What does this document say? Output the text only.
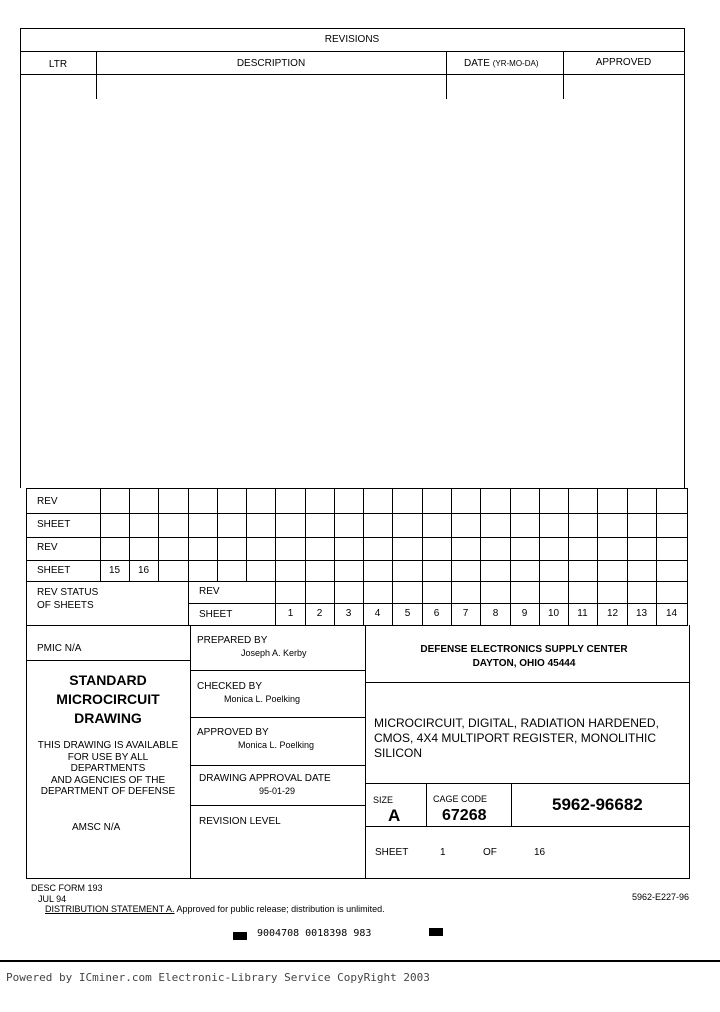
REVISIONS
LTR	DESCRIPTION	DATE (YR-MO-DA)	APPROVED
REV
SHEET
REV
SHEET	15	16
REV STATUS
OF SHEETS
REV
SHEET	1	2	3	4	5	6	7	8	9	10	11	12	13	14
PMIC N/A
STANDARD
MICROCIRCUIT
DRAWING
THIS DRAWING IS AVAILABLE
FOR USE BY ALL
DEPARTMENTS
AND AGENCIES OF THE
DEPARTMENT OF DEFENSE
AMSC N/A
PREPARED BY
Joseph A. Kerby
CHECKED BY
Monica L. Poelking
APPROVED BY
Monica L. Poelking
DRAWING APPROVAL DATE
95-01-29
REVISION LEVEL
DEFENSE ELECTRONICS SUPPLY CENTER
DAYTON, OHIO 45444
MICROCIRCUIT, DIGITAL, RADIATION HARDENED,
CMOS, 4X4 MULTIPORT REGISTER, MONOLITHIC
SILICON
SIZE
A
CAGE CODE
67268
5962-96682
SHEET	1	OF	16
DESC FORM 193
JUL 94	5962-E227-96
DISTRIBUTION STATEMENT A. Approved for public release; distribution is unlimited.
9004708 0018398 983
Powered by ICminer.com Electronic-Library Service CopyRight 2003
